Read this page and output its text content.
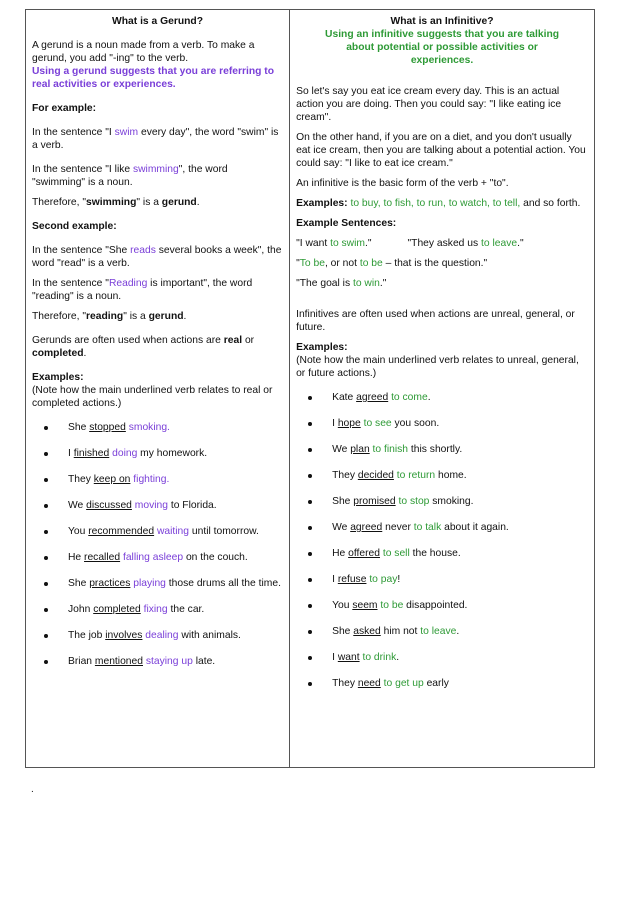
What is a Gerund?

A gerund is a noun made from a verb. To make a gerund, you add "-ing" to the verb.

Using a gerund suggests that you are referring to real activities or experiences.

For example:

In the sentence "I swim every day", the word "swim" is a verb.

In the sentence "I like swimming", the word "swimming" is a noun.

Therefore, "swimming" is a gerund.

Second example:

In the sentence "She reads several books a week", the word "read" is a verb.

In the sentence "Reading is important", the word "reading" is a noun.

Therefore, "reading" is a gerund.

Gerunds are often used when actions are real or completed.

Examples:

(Note how the main underlined verb relates to real or completed actions.)

She stopped smoking.
I finished doing my homework.
They keep on fighting.
We discussed moving to Florida.
You recommended waiting until tomorrow.
He recalled falling asleep on the couch.
She practices playing those drums all the time.
John completed fixing the car.
The job involves dealing with animals.
Brian mentioned staying up late.

What is an Infinitive?

Using an infinitive suggests that you are talking about potential or possible activities or experiences.

So let's say you eat ice cream every day. This is an actual action you are doing. Then you could say: "I like eating ice cream".

On the other hand, if you are on a diet, and you don't usually eat ice cream, then you are talking about a potential action. You could say: "I like to eat ice cream."

An infinitive is the basic form of the verb + "to".

Examples: to buy, to fish, to run, to watch, to tell, and so forth.

Example Sentences:

"I want to swim."	"They asked us to leave."

"To be, or not to be – that is the question."

"The goal is to win."

Infinitives are often used when actions are unreal, general, or future.

Examples:

(Note how the main underlined verb relates to unreal, general, or future actions.)

Kate agreed to come.
I hope to see you soon.
We plan to finish this shortly.
They decided to return home.
She promised to stop smoking.
We agreed never to talk about it again.
He offered to sell the house.
I refuse to pay!
You seem to be disappointed.
She asked him not to leave.
I want to drink.
They need to get up early
.
